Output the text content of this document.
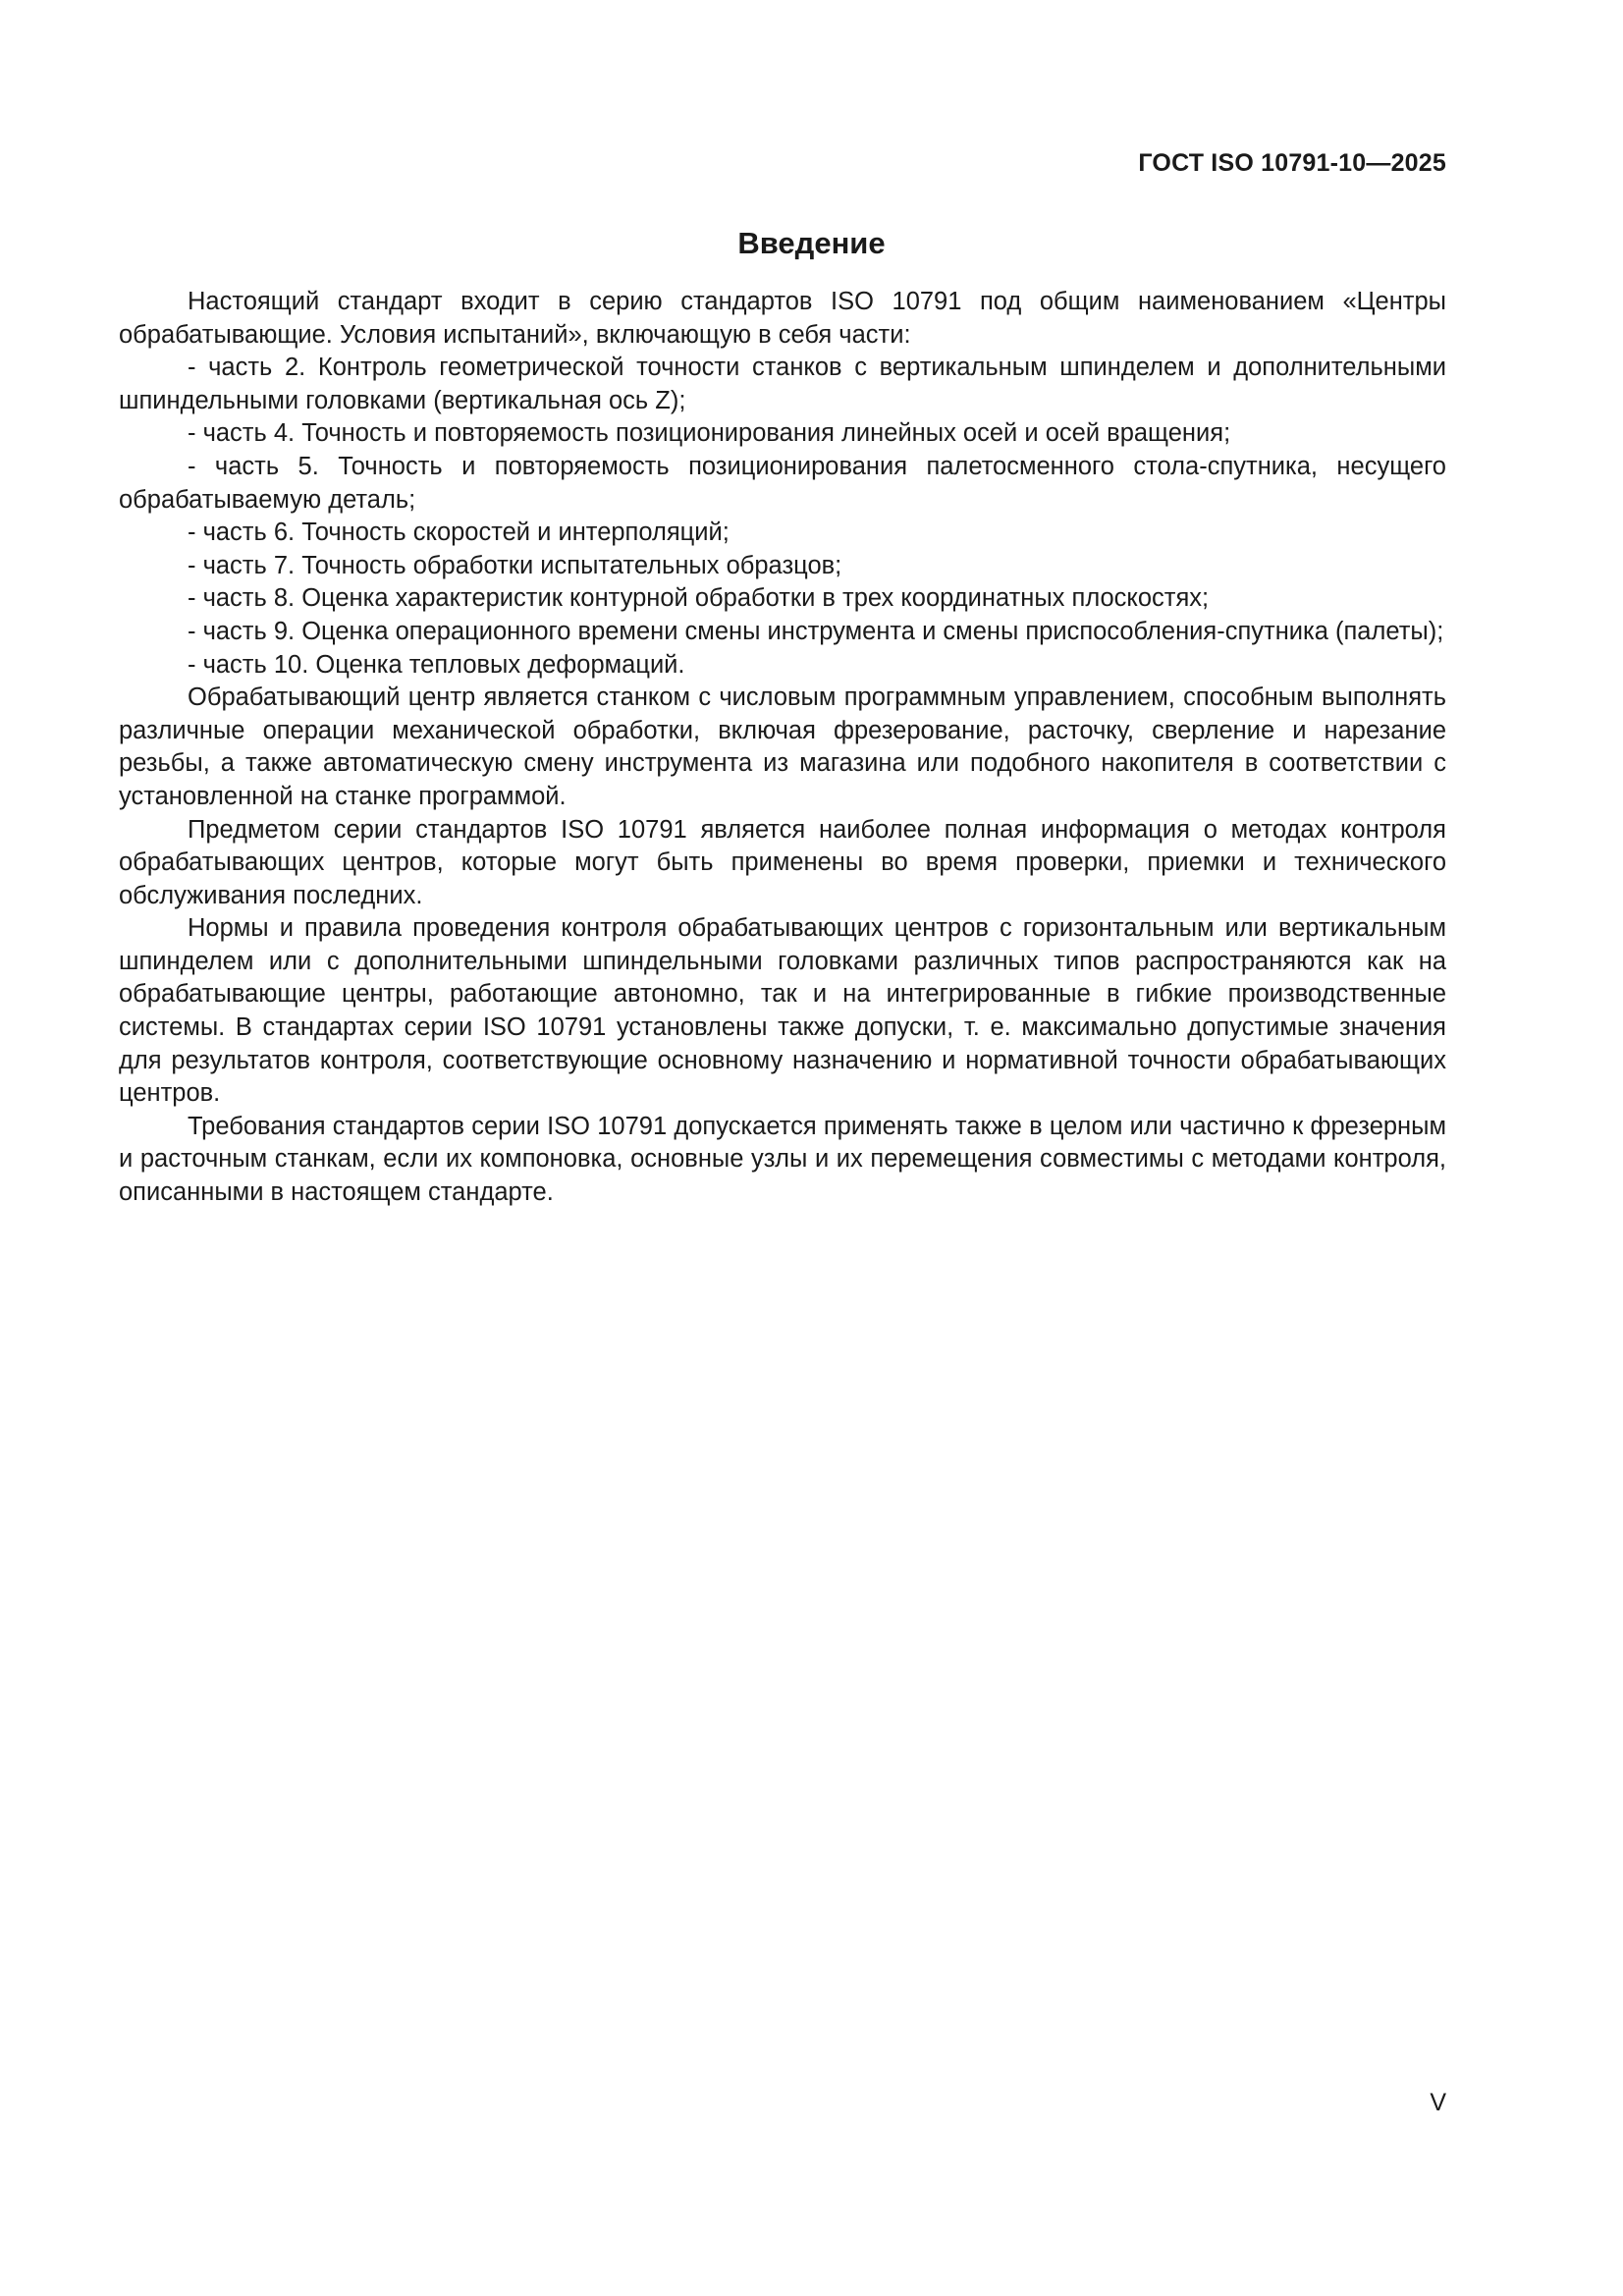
ГОСТ ISO 10791-10—2025
Введение

Настоящий стандарт входит в серию стандартов ISO 10791 под общим наименованием «Центры обрабатывающие. Условия испытаний», включающую в себя части:

- часть 2. Контроль геометрической точности станков с вертикальным шпинделем и дополнительными шпиндельными головками (вертикальная ось Z);

- часть 4. Точность и повторяемость позиционирования линейных осей и осей вращения;

- часть 5. Точность и повторяемость позиционирования палетосменного стола-спутника, несущего обрабатываемую деталь;

- часть 6. Точность скоростей и интерполяций;

- часть 7. Точность обработки испытательных образцов;

- часть 8. Оценка характеристик контурной обработки в трех координатных плоскостях;

- часть 9. Оценка операционного времени смены инструмента и смены приспособления-спутника (палеты);

- часть 10. Оценка тепловых деформаций.

Обрабатывающий центр является станком с числовым программным управлением, способным выполнять различные операции механической обработки, включая фрезерование, расточку, сверление и нарезание резьбы, а также автоматическую смену инструмента из магазина или подобного накопителя в соответствии с установленной на станке программой.

Предметом серии стандартов ISO 10791 является наиболее полная информация о методах контроля обрабатывающих центров, которые могут быть применены во время проверки, приемки и технического обслуживания последних.

Нормы и правила проведения контроля обрабатывающих центров с горизонтальным или вертикальным шпинделем или с дополнительными шпиндельными головками различных типов распространяются как на обрабатывающие центры, работающие автономно, так и на интегрированные в гибкие производственные системы. В стандартах серии ISO 10791 установлены также допуски, т. е. максимально допустимые значения для результатов контроля, соответствующие основному назначению и нормативной точности обрабатывающих центров.

Требования стандартов серии ISO 10791 допускается применять также в целом или частично к фрезерным и расточным станкам, если их компоновка, основные узлы и их перемещения совместимы с методами контроля, описанными в настоящем стандарте.

V
